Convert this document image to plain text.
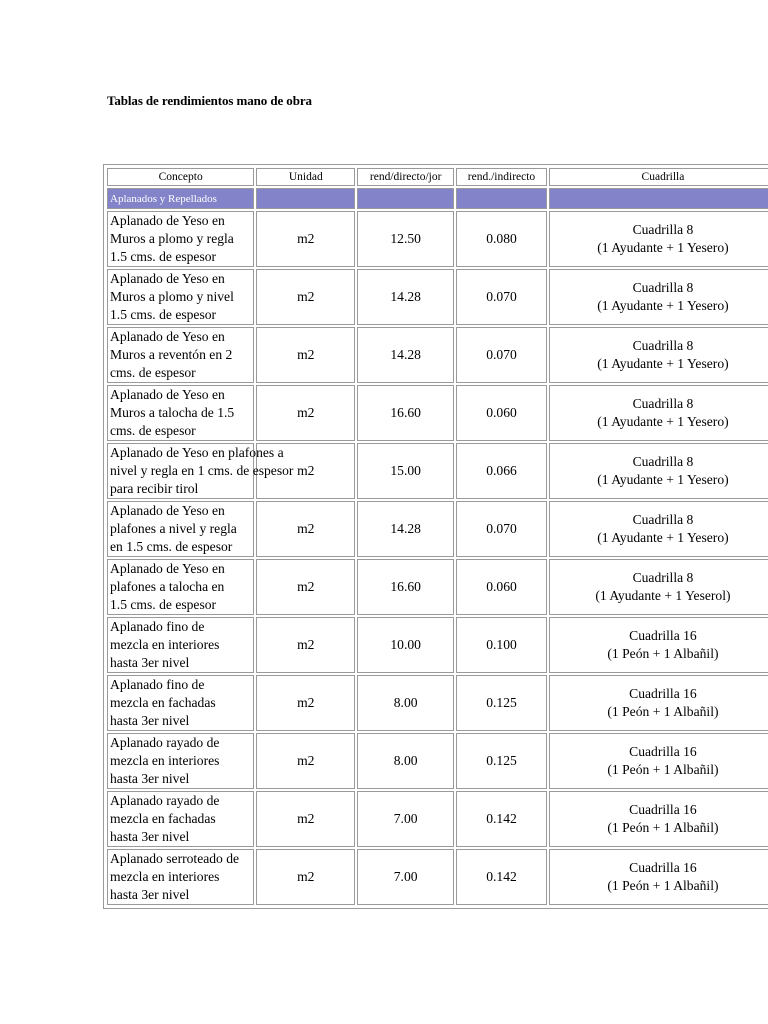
Tablas de rendimientos mano de obra
Concepto	Unidad	rend/directo/jor	rend./indirecto	Cuadrilla
Aplanados y Repellados				

Aplanado de Yeso en
Muros a plomo y regla
1.5 cms. de espesor	m2	12.50	0.080	Cuadrilla 8
(1 Ayudante + 1 Yesero)

Aplanado de Yeso en
Muros a plomo y nivel
1.5 cms. de espesor	m2	14.28	0.070	Cuadrilla 8
(1 Ayudante + 1 Yesero)

Aplanado de Yeso en
Muros a reventón en 2
cms. de espesor	m2	14.28	0.070	Cuadrilla 8
(1 Ayudante + 1 Yesero)

Aplanado de Yeso en
Muros a talocha de 1.5
cms. de espesor	m2	16.60	0.060	Cuadrilla 8
(1 Ayudante + 1 Yesero)

Aplanado de Yeso en plafones a
nivel y regla en 1 cms. de espesor
para recibir tirol	m2	15.00	0.066	Cuadrilla 8
(1 Ayudante + 1 Yesero)

Aplanado de Yeso en
plafones a nivel y regla
en 1.5 cms. de espesor	m2	14.28	0.070	Cuadrilla 8
(1 Ayudante + 1 Yesero)

Aplanado de Yeso en
plafones a talocha en
1.5 cms. de espesor	m2	16.60	0.060	Cuadrilla 8
(1 Ayudante + 1 Yeserol)

Aplanado fino de
mezcla en interiores
hasta 3er nivel	m2	10.00	0.100	Cuadrilla 16
(1 Peón + 1 Albañil)

Aplanado fino de
mezcla en fachadas
hasta 3er nivel	m2	8.00	0.125	Cuadrilla 16
(1 Peón + 1 Albañil)

Aplanado rayado de
mezcla en interiores
hasta 3er nivel	m2	8.00	0.125	Cuadrilla 16
(1 Peón + 1 Albañil)

Aplanado rayado de
mezcla en fachadas
hasta 3er nivel	m2	7.00	0.142	Cuadrilla 16
(1 Peón + 1 Albañil)

Aplanado serroteado de
mezcla en interiores
hasta 3er nivel	m2	7.00	0.142	Cuadrilla 16
(1 Peón + 1 Albañil)
